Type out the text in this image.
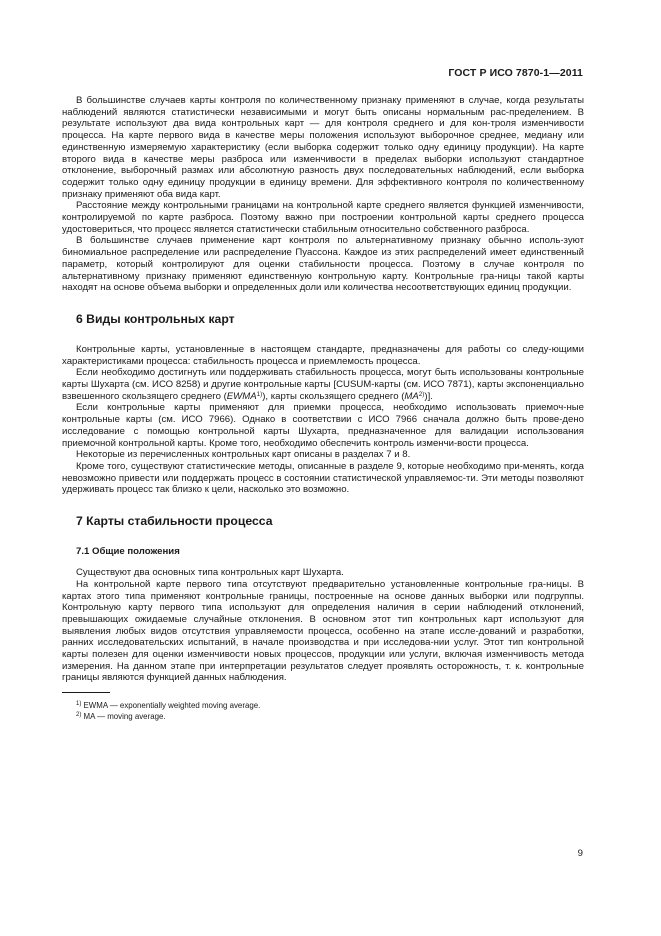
ГОСТ Р ИСО 7870-1—2011

В большинстве случаев карты контроля по количественному признаку применяют в случае, когда результаты наблюдений являются статистически независимыми и могут быть описаны нормальным рас-пределением. В результате используют два вида контрольных карт — для контроля среднего и для кон-троля изменчивости процесса. На карте первого вида в качестве меры положения используют выборочное среднее, медиану или единственную измеряемую характеристику (если выборка содержит только одну единицу продукции). На карте второго вида в качестве меры разброса или изменчивости в пределах выборки используют стандартное отклонение, выборочный размах или абсолютную разность двух последовательных наблюдений, если выборка содержит только одну единицу продукции в единицу времени. Для эффективного контроля по количественному признаку применяют оба вида карт.

Расстояние между контрольными границами на контрольной карте среднего является функцией изменчивости, контролируемой по карте разброса. Поэтому важно при построении контрольной карты среднего процесса удостовериться, что процесс является статистически стабильным относительно собственного разброса.

В большинстве случаев применение карт контроля по альтернативному признаку обычно исполь-зуют биномиальное распределение или распределение Пуассона. Каждое из этих распределений имеет единственный параметр, который контролируют для оценки стабильности процесса. Поэтому в случае контроля по альтернативному признаку применяют единственную контрольную карту. Контрольные гра-ницы такой карты находят на основе объема выборки и определенных доли или количества несоответствующих единиц продукции.

6 Виды контрольных карт

Контрольные карты, установленные в настоящем стандарте, предназначены для работы со следу-ющими характеристиками процесса: стабильность процесса и приемлемость процесса.

Если необходимо достигнуть или поддерживать стабильность процесса, могут быть использованы контрольные карты Шухарта (см. ИСО 8258) и другие контрольные карты [CUSUM-карты (см. ИСО 7871), карты экспоненциально взвешенного скользящего среднего (EWMA$^{1)}$), карты скользящего среднего (MA$^{2)}$)].

Если контрольные карты применяют для приемки процесса, необходимо использовать приемоч-ные контрольные карты (см. ИСО 7966). Однако в соответствии с ИСО 7966 сначала должно быть прове-дено исследование с помощью контрольной карты Шухарта, предназначенное для валидации использования приемочной контрольной карты. Кроме того, необходимо обеспечить контроль изменчи-вости процесса.

Некоторые из перечисленных контрольных карт описаны в разделах 7 и 8.

Кроме того, существуют статистические методы, описанные в разделе 9, которые необходимо при-менять, когда невозможно привести или поддержать процесс в состоянии статистической управляемос-ти. Эти методы позволяют удерживать процесс так близко к цели, насколько это возможно.

7 Карты стабильности процесса
7.1 Общие положения

Существуют два основных типа контрольных карт Шухарта.

На контрольной карте первого типа отсутствуют предварительно установленные контрольные гра-ницы. В картах этого типа применяют контрольные границы, построенные на основе данных выборки или подгруппы. Контрольную карту первого типа используют для определения наличия в серии наблюдений отклонений, превышающих ожидаемые случайные отклонения. В основном этот тип контрольных карт используют для выявления любых видов отсутствия управляемости процесса, особенно на этапе иссле-дований и разработки, ранних исследовательских испытаний, в начале производства и при исследова-нии услуг. Этот тип контрольной карты полезен для оценки изменчивости новых процессов, продукции или услуги, включая изменчивость метода измерения. На данном этапе при интерпретации результатов следует проявлять осторожность, т. к. контрольные границы являются функцией данных наблюдения.

$^{1)}$ EWMA — exponentially weighted moving average.
$^{2)}$ MA — moving average.
9
